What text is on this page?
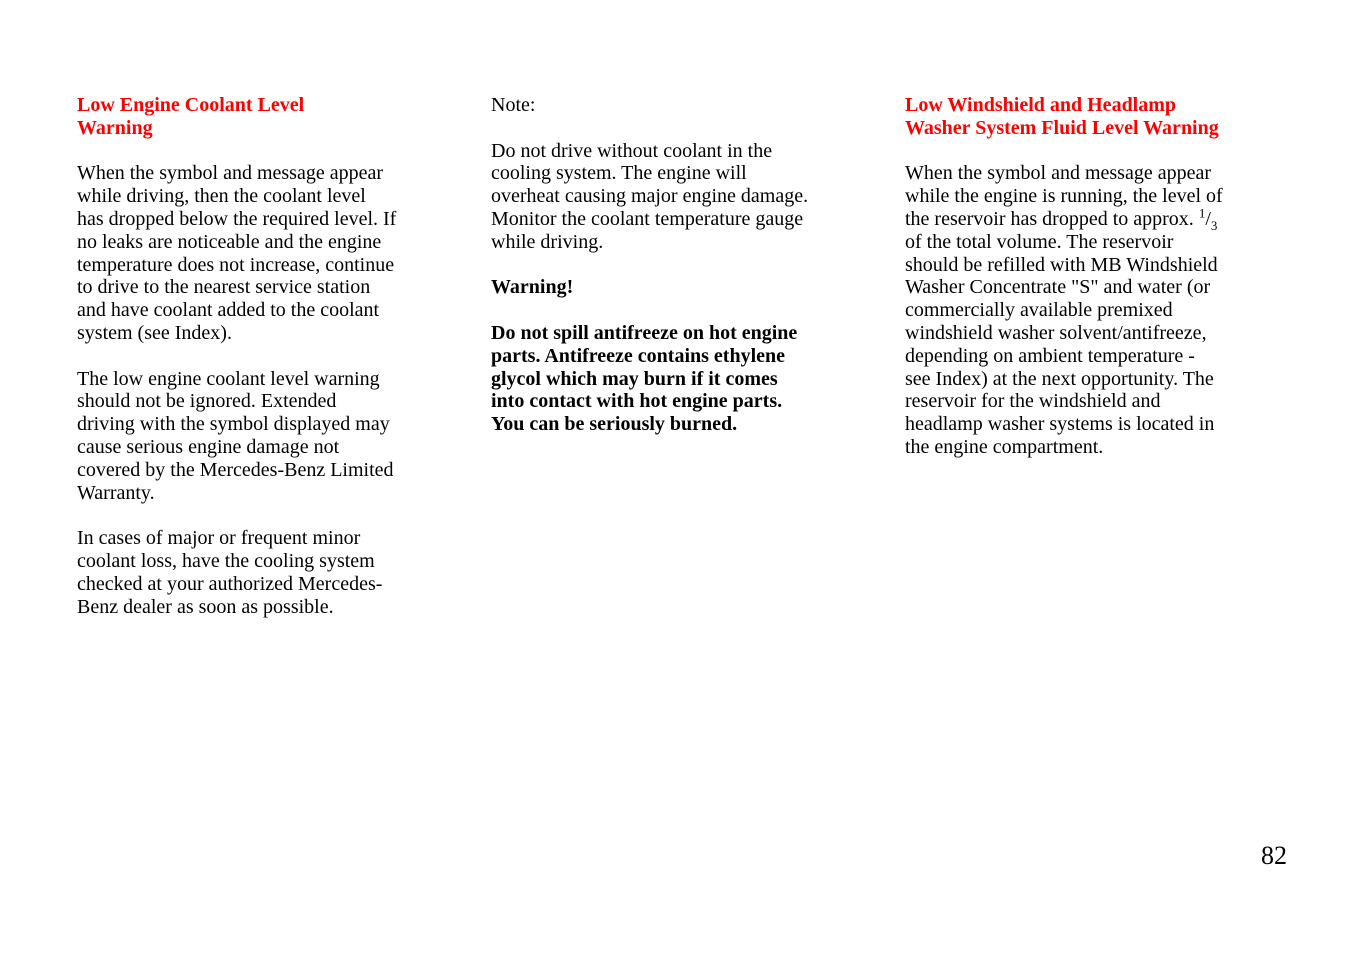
Low Engine Coolant Level
Warning
When the symbol and message appear
while driving, then the coolant level
has dropped below the required level. If
no leaks are noticeable and the engine
temperature does not increase, continue
to drive to the nearest service station
and have coolant added to the coolant
system (see Index).
The low engine coolant level warning
should not be ignored. Extended
driving with the symbol displayed may
cause serious engine damage not
covered by the Mercedes-Benz Limited
Warranty.
In cases of major or frequent minor
coolant loss, have the cooling system
checked at your authorized Mercedes-
Benz dealer as soon as possible.
Note:
Do not drive without coolant in the
cooling system. The engine will
overheat causing major engine damage.
Monitor the coolant temperature gauge
while driving.
Warning!
Do not spill antifreeze on hot engine
parts. Antifreeze contains ethylene
glycol which may burn if it comes
into contact with hot engine parts.
You can be seriously burned.
Low Windshield and Headlamp
Washer System Fluid Level Warning
When the symbol and message appear
while the engine is running, the level of
the reservoir has dropped to approx. $^1/_3$
of the total volume. The reservoir
should be refilled with MB Windshield
Washer Concentrate "S" and water (or
commercially available premixed
windshield washer solvent/antifreeze,
depending on ambient temperature -
see Index) at the next opportunity. The
reservoir for the windshield and
headlamp washer systems is located in
the engine compartment.
82
